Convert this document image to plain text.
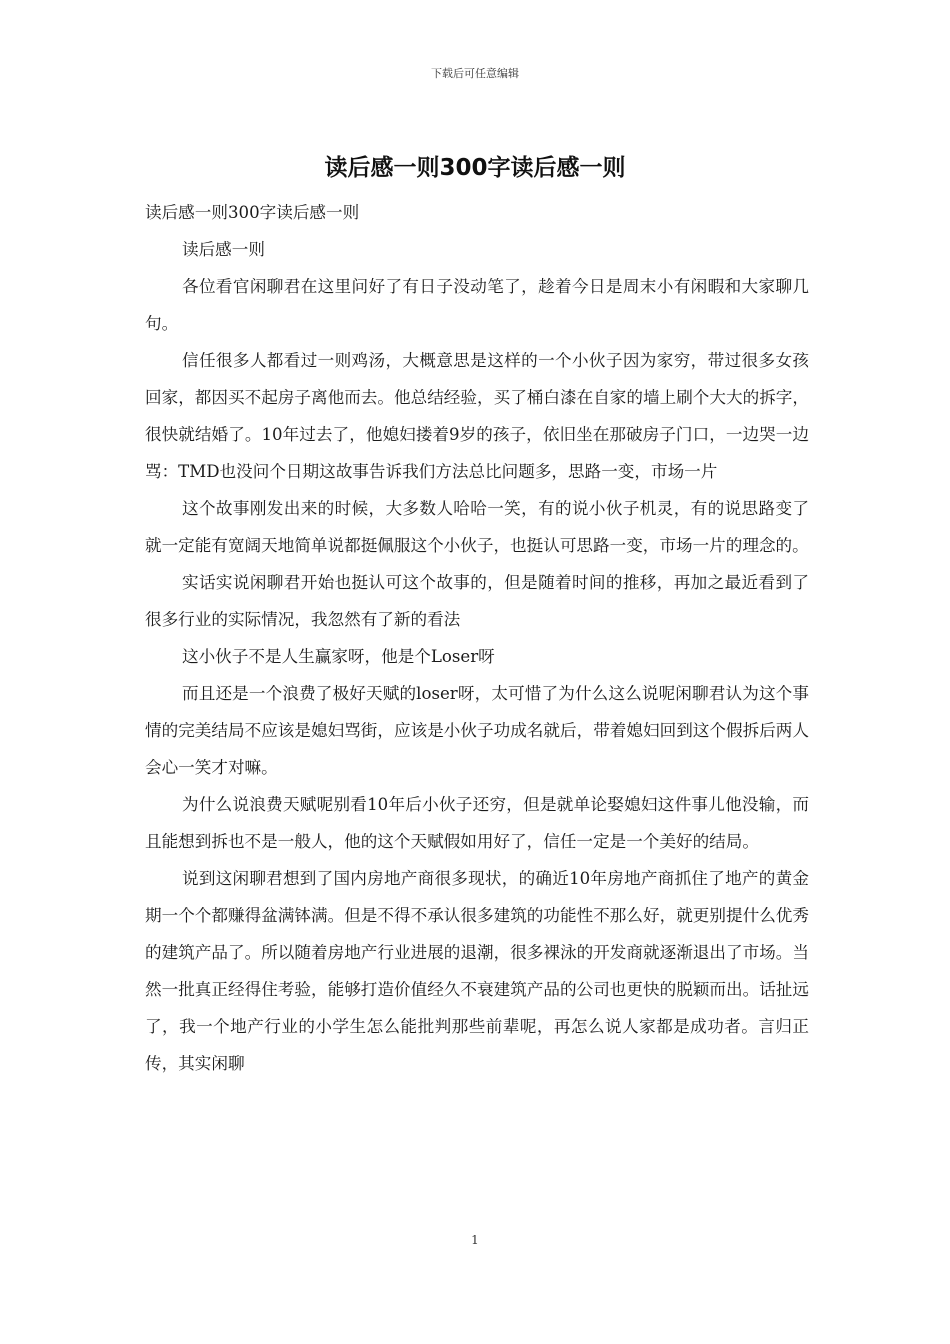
下载后可任意编辑
读后感一则300字读后感一则

读后感一则300字读后感一则

读后感一则

各位看官闲聊君在这里问好了有日子没动笔了，趁着今日是周末小有闲暇和大家聊几句。

信任很多人都看过一则鸡汤，大概意思是这样的一个小伙子因为家穷，带过很多女孩回家，都因买不起房子离他而去。他总结经验，买了桶白漆在自家的墙上刷个大大的拆字，很快就结婚了。10年过去了，他媳妇搂着9岁的孩子，依旧坐在那破房子门口，一边哭一边骂：TMD也没问个日期这故事告诉我们方法总比问题多，思路一变，市场一片

这个故事刚发出来的时候，大多数人哈哈一笑，有的说小伙子机灵，有的说思路变了就一定能有宽阔天地简单说都挺佩服这个小伙子，也挺认可思路一变，市场一片的理念的。

实话实说闲聊君开始也挺认可这个故事的，但是随着时间的推移，再加之最近看到了很多行业的实际情况，我忽然有了新的看法

这小伙子不是人生赢家呀，他是个Loser呀

而且还是一个浪费了极好天赋的loser呀，太可惜了为什么这么说呢闲聊君认为这个事情的完美结局不应该是媳妇骂街，应该是小伙子功成名就后，带着媳妇回到这个假拆后两人会心一笑才对嘛。

为什么说浪费天赋呢别看10年后小伙子还穷，但是就单论娶媳妇这件事儿他没输，而且能想到拆也不是一般人，他的这个天赋假如用好了，信任一定是一个美好的结局。

说到这闲聊君想到了国内房地产商很多现状，的确近10年房地产商抓住了地产的黄金期一个个都赚得盆满钵满。但是不得不承认很多建筑的功能性不那么好，就更别提什么优秀的建筑产品了。所以随着房地产行业进展的退潮，很多裸泳的开发商就逐渐退出了市场。当然一批真正经得住考验，能够打造价值经久不衰建筑产品的公司也更快的脱颖而出。话扯远了，我一个地产行业的小学生怎么能批判那些前辈呢，再怎么说人家都是成功者。言归正传，其实闲聊

1
